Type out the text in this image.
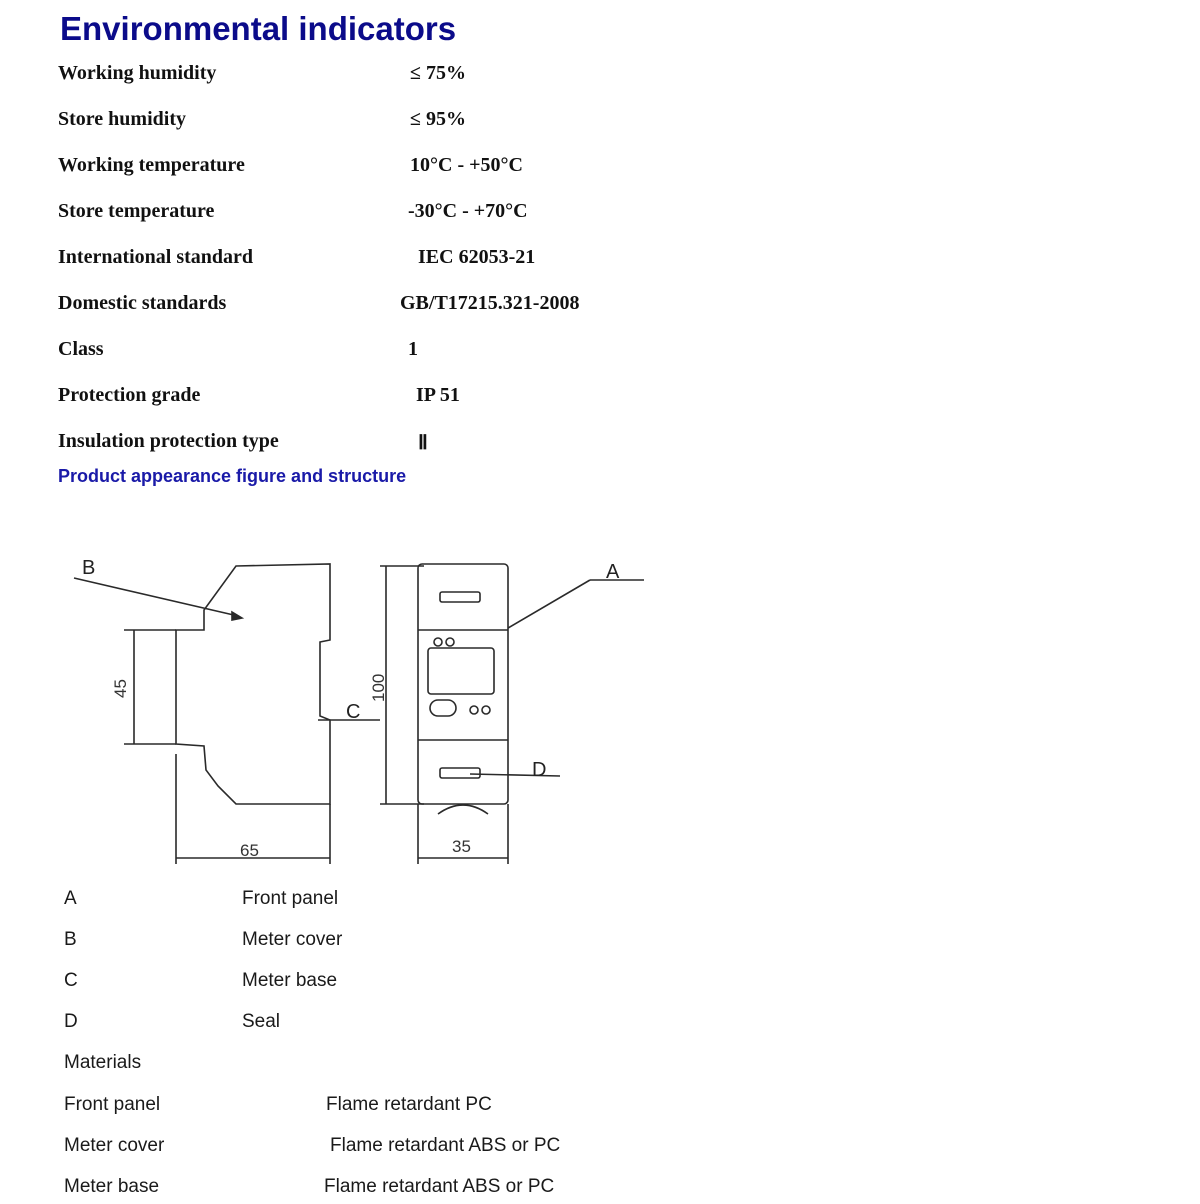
Environmental indicators
Working humidity	≤ 75%
Store humidity	≤ 95%
Working temperature	10°C - +50°C
Store temperature	-30°C - +70°C
International standard	IEC 62053-21
Domestic standards	GB/T17215.321-2008
Class	1
Protection grade	IP 51
Insulation protection type	Ⅱ
Product appearance figure and structure
B	A
C
D
45
65
100
35
A	Front panel
B	Meter cover
C	Meter base
D	Seal
Materials
Front panel	Flame retardant PC
Meter cover	Flame retardant ABS or PC
Meter base	Flame retardant ABS or PC
